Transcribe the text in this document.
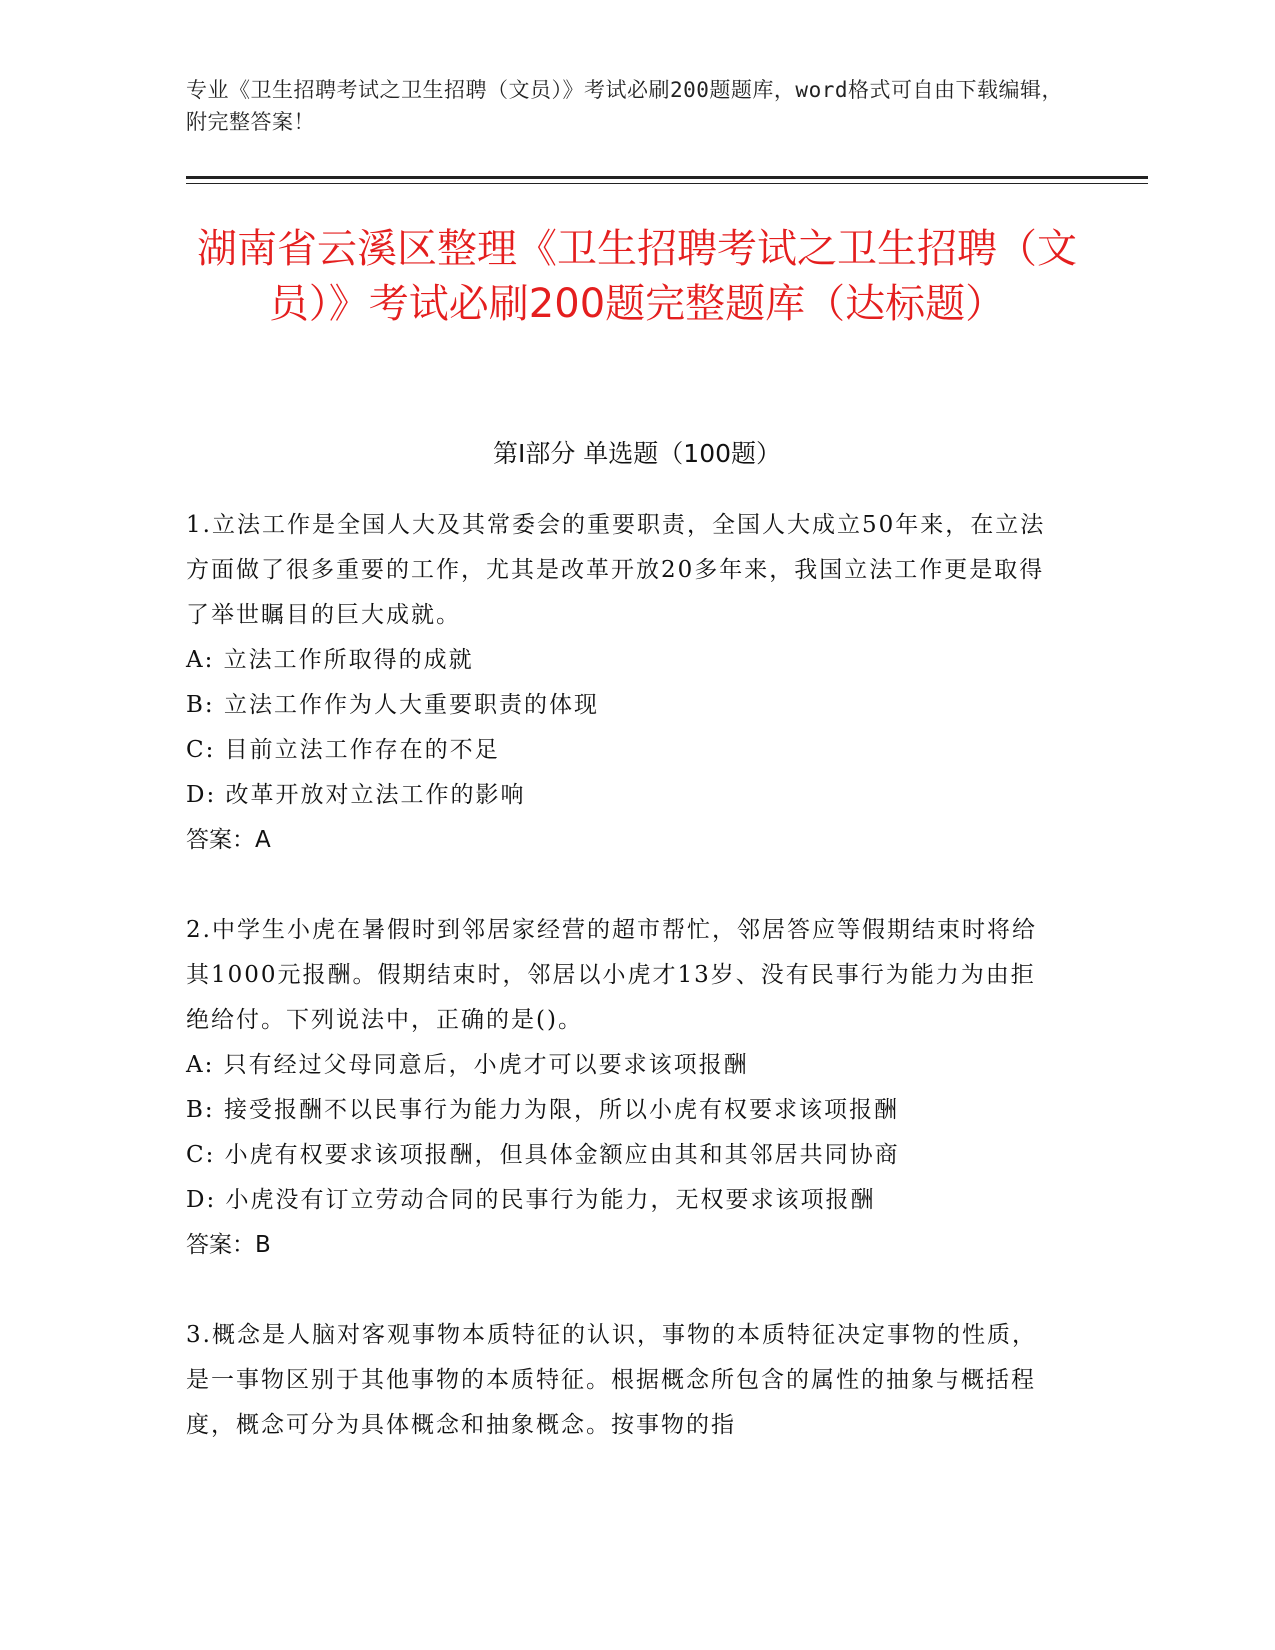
专业《卫生招聘考试之卫生招聘（文员）》考试必刷200题题库，word格式可自由下载编辑，附完整答案！
湖南省云溪区整理《卫生招聘考试之卫生招聘（文员）》考试必刷200题完整题库（达标题）
第Ⅰ部分 单选题（100题）

1.立法工作是全国人大及其常委会的重要职责，全国人大成立50年来，在立法方面做了很多重要的工作，尤其是改革开放20多年来，我国立法工作更是取得了举世瞩目的巨大成就。

A: 立法工作所取得的成就

B: 立法工作作为人大重要职责的体现

C: 目前立法工作存在的不足

D: 改革开放对立法工作的影响

答案：A

2.中学生小虎在暑假时到邻居家经营的超市帮忙，邻居答应等假期结束时将给其1000元报酬。假期结束时，邻居以小虎才13岁、没有民事行为能力为由拒绝给付。下列说法中，正确的是()。

A: 只有经过父母同意后，小虎才可以要求该项报酬

B: 接受报酬不以民事行为能力为限，所以小虎有权要求该项报酬

C: 小虎有权要求该项报酬，但具体金额应由其和其邻居共同协商

D: 小虎没有订立劳动合同的民事行为能力，无权要求该项报酬

答案：B

3.概念是人脑对客观事物本质特征的认识，事物的本质特征决定事物的性质，是一事物区别于其他事物的本质特征。根据概念所包含的属性的抽象与概括程度，概念可分为具体概念和抽象概念。按事物的指
